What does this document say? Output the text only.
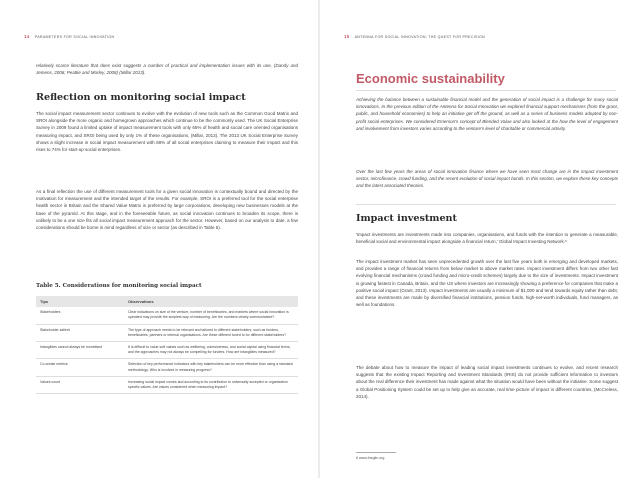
14 PARAMETERS FOR SOCIAL INNOVATION
relatively scarce literature that does exist suggests a number of practical and implementation issues with its use, (Dandy and Jemens, 2006; Peattie and Morley, 2008) (Millar 2013).
Reflection on monitoring social impact
The social impact measurement sector continues to evolve with the evolution of new tools such as the Common Good Matrix and SROI alongside the more organic and homegrown approaches which continue to be the commonly used. The UK Social Enterprise Survey in 2009 found a limited uptake of impact measurement tools with only 65% of health and social care oriented organisations measuring impact, and SROI being used by only 1% of these organisations, (Millar, 2013). The 2013 UK Social Enterprise Survey shows a slight increase in social impact measurement with 68% of all social enterprises claiming to measure their impact and this rises to 74% for start-up social enterprises.
As a final reflection the use of different measurement tools for a given social innovation is contextually bound and directed by the motivation for measurement and the intended target of the results. For example, SROI is a preferred tool for the social enterprise health sector in Britain and the Shared Value Matrix is preferred by large corporations, developing new businesses models at the base of the pyramid. At this stage, and in the foreseeable future, as social innovation continues to broaden its scope, there is unlikely to be a one size fits all social impact measurement approach for the sector. However, based on our analysis to date, a few considerations should be borne in mind regardless of size or sector (as described in Table 5).
Table 5. Considerations for monitoring social impact
Tips	Observations
Stakeholders	Clear indications on size of the venture, number of beneficiaries, and markets where social innovation is operated may provide the simplest way of measuring. Are the numbers clearly communicated?
Stakeholder salient	The type of approach needs to be relevant and tailored to different stakeholders, such as funders, beneficiaries, partners or internal organisations. Are these different tuned to for different stakeholders?
Intangibles cannot always be monetised	It is difficult to value soft values such as wellbeing, cohesiveness, and social capital using financial terms, and the approaches may not always be compelling for funders. How are intangibles measured?
Co-create metrics	Selection of key performance indicators with key stakeholders can be more effective than using a standard methodology. Who is involved in measuring progress?
Values count	Increasing social impact comes and according to its contribution to universally accepted or organisation specific values. Are values considered when measuring impact?
15 ANTENNA FOR SOCIAL INNOVATION: THE QUEST FOR PRECISION
Economic sustainability
Achieving the balance between a sustainable financial model and the generation of social impact is a challenge for many social innovations. In the previous edition of the Antenna for Social Innovation we explored financial support mechanisms (from the grant, public, and household economies) to help an initiative get off the ground, as well as a series of business models adopted by non-profit social enterprises. We considered Emerson's concept of Blended Value and also looked at the how the level of engagement and involvement from investors varies according to the venture's level of charitable or commercial activity.
Over the last few years the areas of social innovation finance where we have seen most change are in the impact investment sector, microfinance, crowd funding, and the recent evolution of social impact bonds. In this section, we explore these key concepts and the latest associated theories.
Impact investment
'Impact investments are investments made into companies, organisations, and funds with the intention to generate a measurable, beneficial social and environmental impact alongside a financial return,' Global Impact Investing Network.⁶
The impact investment market has seen unprecedented growth over the last five years both in emerging and developed markets, and provides a range of financial returns from below market to above market rates. Impact investment differs from two other fast evolving financial mechanisms (crowd funding and micro-credit schemes) largely due to the size of investments. Impact investment is growing fastest in Canada, Britain, and the US where investors are increasingly showing a preference for companies that make a positive social impact (Grant, 2013). Impact investments are usually a minimum of $1,000 and tend towards equity rather than debt, and these investments are made by diversified financial institutions, pension funds, high-net-worth individuals, fund managers, as well as foundations.
The debate about how to measure the impact of leading social impact investments continues to evolve, and recent research suggests that the existing Impact Reporting and Investment Standards (IRIS) do not provide sufficient information to investors about the real difference their investment has made against what the situation would have been without the initiative. Some suggest a Global Positioning System could be set up to help give an accurate, real time picture of impact in different countries, (McCreless, 2014).
6 www.thegiin.org
